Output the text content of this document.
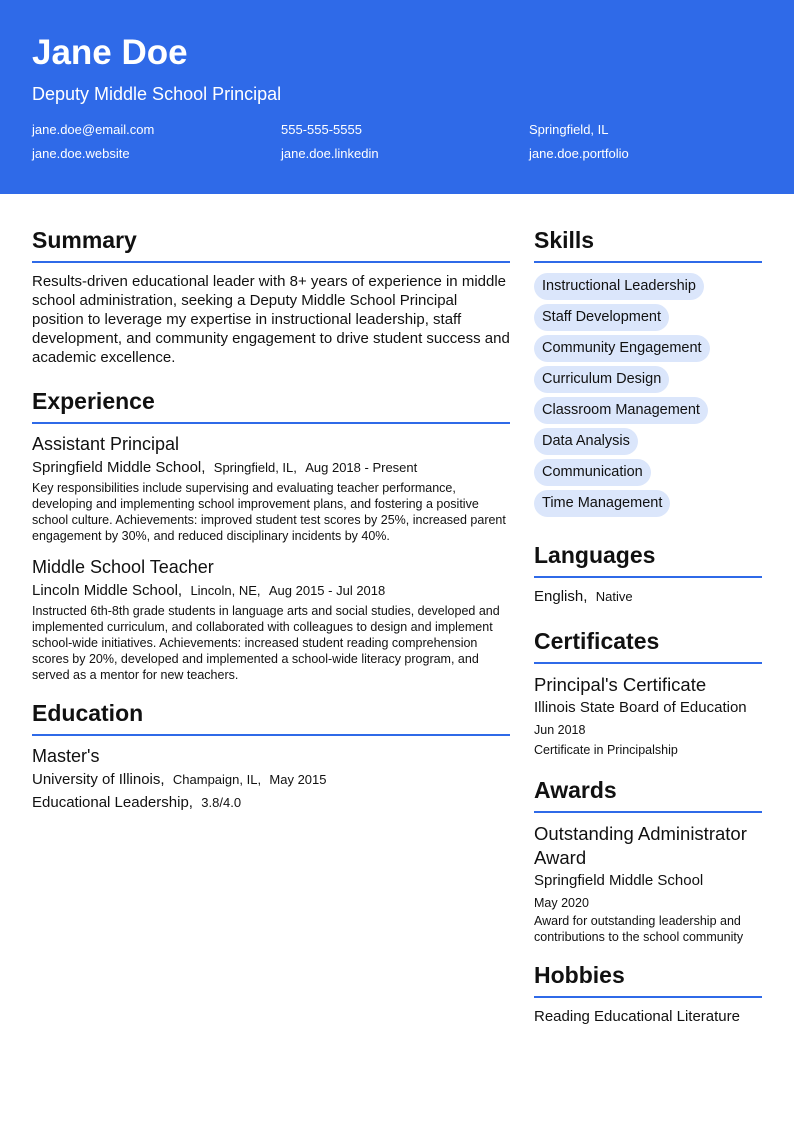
Jane Doe
Deputy Middle School Principal
jane.doe@email.com	555-555-5555	Springfield, IL
jane.doe.website	jane.doe.linkedin	jane.doe.portfolio
Summary
Results-driven educational leader with 8+ years of experience in middle school administration, seeking a Deputy Middle School Principal position to leverage my expertise in instructional leadership, staff development, and community engagement to drive student success and academic excellence.
Experience
Assistant Principal
Springfield Middle School, Springfield, IL, Aug 2018 - Present
Key responsibilities include supervising and evaluating teacher performance, developing and implementing school improvement plans, and fostering a positive school culture. Achievements: improved student test scores by 25%, increased parent engagement by 30%, and reduced disciplinary incidents by 40%.
Middle School Teacher
Lincoln Middle School, Lincoln, NE, Aug 2015 - Jul 2018
Instructed 6th-8th grade students in language arts and social studies, developed and implemented curriculum, and collaborated with colleagues to design and implement school-wide initiatives. Achievements: increased student reading comprehension scores by 20%, developed and implemented a school-wide literacy program, and served as a mentor for new teachers.
Education
Master's
University of Illinois, Champaign, IL, May 2015
Educational Leadership, 3.8/4.0
Skills
Instructional Leadership
Staff Development
Community Engagement
Curriculum Design
Classroom Management
Data Analysis
Communication
Time Management
Languages
English, Native
Certificates
Principal's Certificate
Illinois State Board of Education
Jun 2018
Certificate in Principalship
Awards
Outstanding Administrator Award
Springfield Middle School
May 2020
Award for outstanding leadership and contributions to the school community
Hobbies
Reading Educational Literature
